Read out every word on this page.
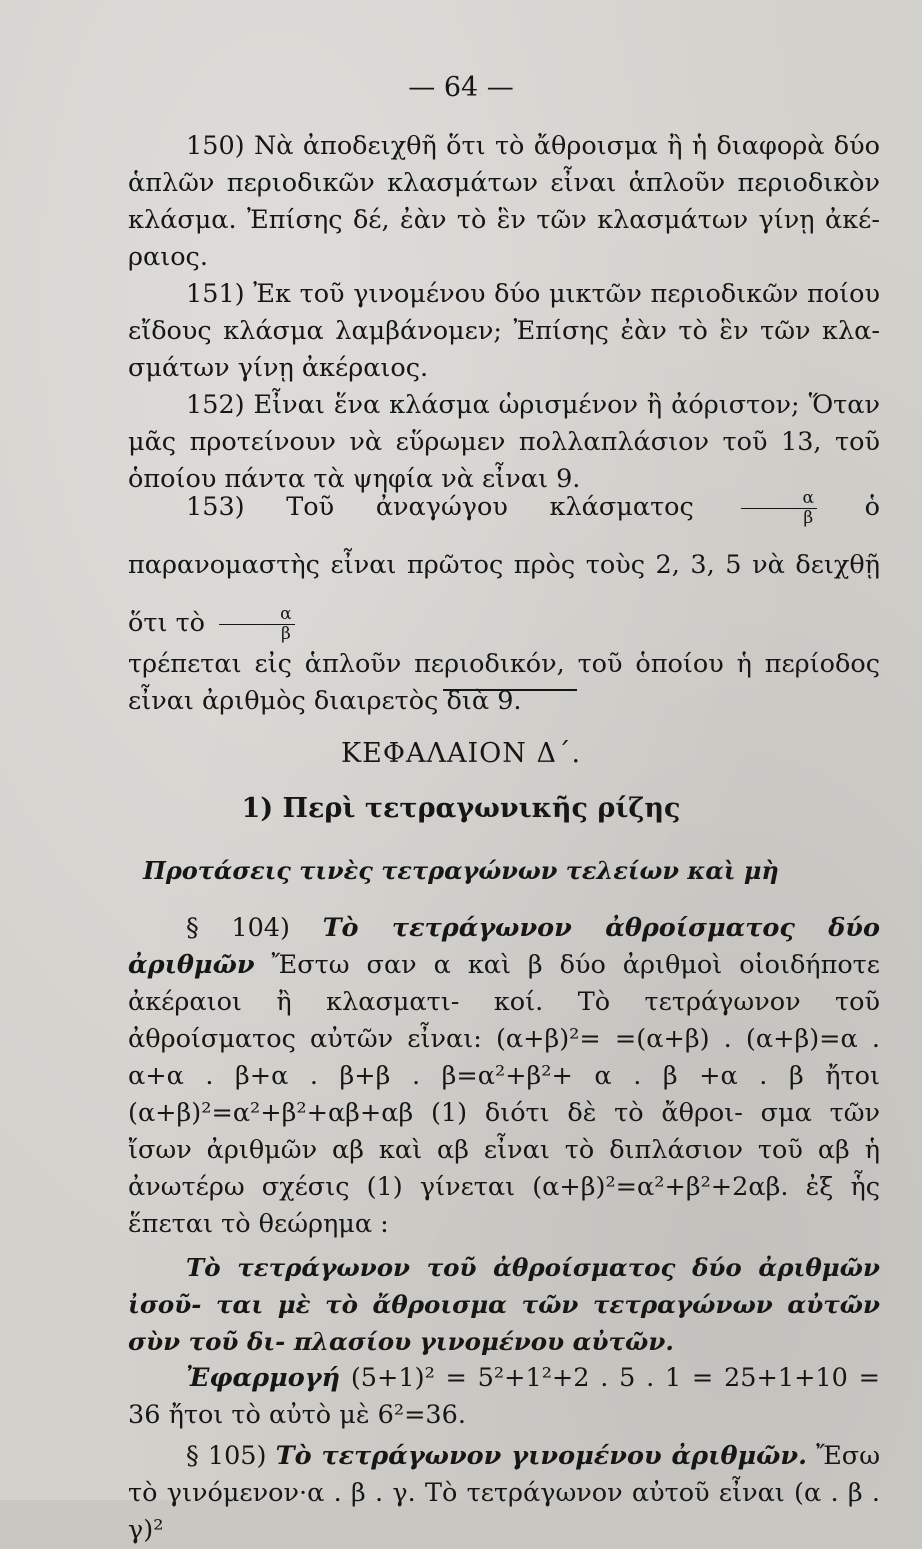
— 64 —

150) Νὰ ἀποδειχθῆ ὅτι τὸ ἄθροισμα ἢ ἡ διαφορὰ δύο ἁπλῶν περιοδικῶν κλασμάτων εἶναι ἁπλοῦν περιοδικὸν κλάσμα. Ἐπίσης δέ, ἐὰν τὸ ἓν τῶν κλασμάτων γίνῃ ἀκέ- ραιος.

151) Ἐκ τοῦ γινομένου δύο μικτῶν περιοδικῶν ποίου εἴδους κλάσμα λαμβάνομεν; Ἐπίσης ἐὰν τὸ ἓν τῶν κλα- σμάτων γίνῃ ἀκέραιος.

152) Εἶναι ἕνα κλάσμα ὡρισμένον ἢ ἀόριστον; Ὅταν μᾶς προτείνουν νὰ εὕρωμεν πολλαπλάσιον τοῦ 13, τοῦ ὁποίου πάντα τὰ ψηφία νὰ εἶναι 9.

153) Τοῦ ἀναγώγου κλάσματος	$\frac{\alpha}{\beta}$ ὁ παρανομαστὴς εἶναι πρῶτος πρὸς τοὺς 2, 3, 5 νὰ δειχθῇ ὅτι τὸ $\frac{\alpha}{\beta}$

τρέπεται εἰς ἁπλοῦν περιοδικόν, τοῦ ὁποίου ἡ περίοδος εἶναι ἀριθμὸς διαιρετὸς διὰ 9.

ΚΕΦΑΛΑΙΟΝ Δ΄.
1) Περὶ τετραγωνικῆς ρίζης
Προτάσεις τινὲς τετραγώνων τελείων καὶ μὴ

§ 104) Τὸ τετράγωνον ἀθροίσματος δύο ἀριθμῶν Ἔστω σαν α καὶ β δύο ἀριθμοὶ οἱοιδήποτε ἀκέραιοι ἢ κλασματι- κοί. Τὸ τετράγωνον τοῦ ἀθροίσματος αὐτῶν εἶναι: (α+β)²= =(α+β) . (α+β)=α . α+α . β+α . β+β . β=α²+β²+ α . β +α . β ἤτοι (α+β)²=α²+β²+αβ+αβ (1) διότι δὲ τὸ ἄθροι- σμα τῶν ἴσων ἀριθμῶν αβ καὶ αβ εἶναι τὸ διπλάσιον τοῦ αβ ἡ ἀνωτέρω σχέσις (1) γίνεται (α+β)²=α²+β²+2αβ. ἐξ ἧς ἕπεται τὸ θεώρημα :

Τὸ τετράγωνον τοῦ ἀθροίσματος δύο ἀριθμῶν ἰσοῦ- ται μὲ τὸ ἄθροισμα τῶν τετραγώνων αὐτῶν σὺν τοῦ δι- πλασίου γινομένου αὐτῶν.

Ἐφαρμογή (5+1)² = 5²+1²+2 . 5 . 1 = 25+1+10 = 36 ἤτοι τὸ αὐτὸ μὲ 6²=36.

§ 105) Τὸ τετράγωνον γινομένου ἀριθμῶν. Ἔσω τὸ γινόμενον·α . β . γ. Τὸ τετράγωνον αὐτοῦ εἶναι (α . β . γ)²
